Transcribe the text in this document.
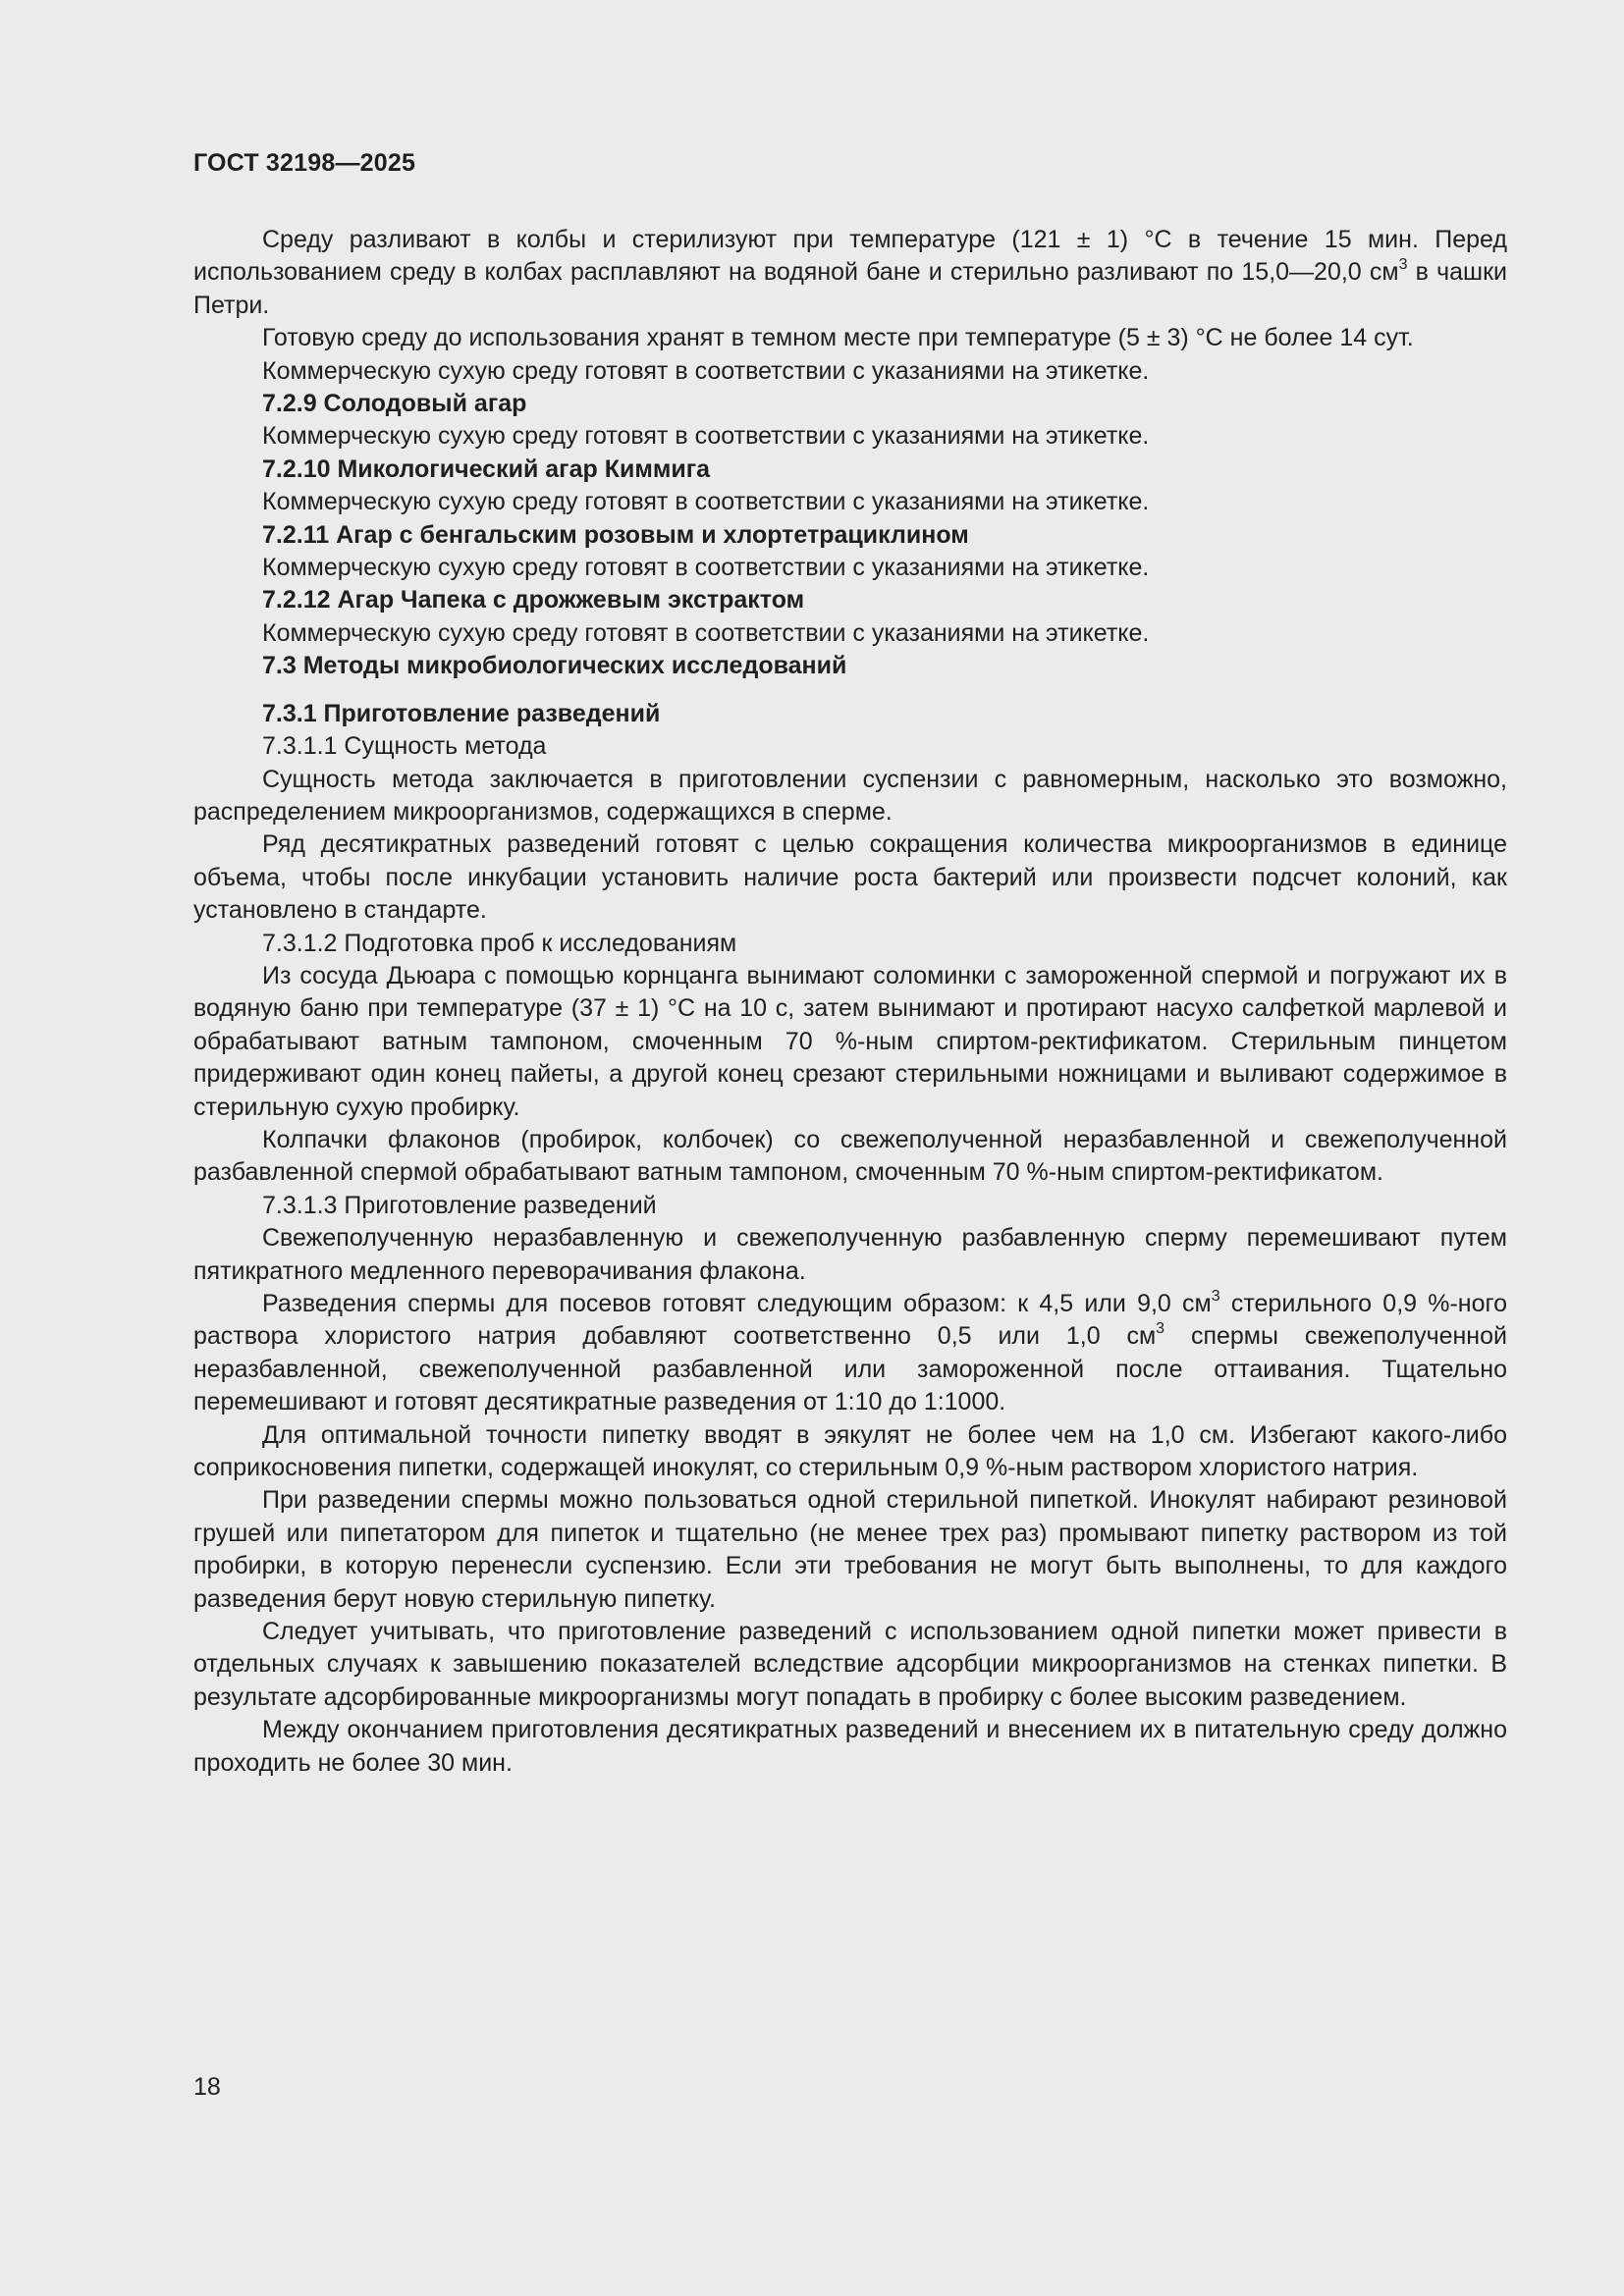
ГОСТ 32198—2025

Среду разливают в колбы и стерилизуют при температуре (121 ± 1) °С в течение 15 мин. Перед использованием среду в колбах расплавляют на водяной бане и стерильно разливают по 15,0—20,0 $см^3$ в чашки Петри.

Готовую среду до использования хранят в темном месте при температуре (5 ± 3) °С не более 14 сут.

Коммерческую сухую среду готовят в соответствии с указаниями на этикетке.

7.2.9 Солодовый агар

Коммерческую сухую среду готовят в соответствии с указаниями на этикетке.

7.2.10 Микологический агар Киммига

Коммерческую сухую среду готовят в соответствии с указаниями на этикетке.

7.2.11 Агар с бенгальским розовым и хлортетрациклином

Коммерческую сухую среду готовят в соответствии с указаниями на этикетке.

7.2.12 Агар Чапека с дрожжевым экстрактом

Коммерческую сухую среду готовят в соответствии с указаниями на этикетке.

7.3 Методы микробиологических исследований

7.3.1 Приготовление разведений

7.3.1.1 Сущность метода

Сущность метода заключается в приготовлении суспензии с равномерным, насколько это возможно, распределением микроорганизмов, содержащихся в сперме.

Ряд десятикратных разведений готовят с целью сокращения количества микроорганизмов в единице объема, чтобы после инкубации установить наличие роста бактерий или произвести подсчет колоний, как установлено в стандарте.

7.3.1.2 Подготовка проб к исследованиям

Из сосуда Дьюара с помощью корнцанга вынимают соломинки с замороженной спермой и погружают их в водяную баню при температуре (37 ± 1) °С на 10 с, затем вынимают и протирают насухо салфеткой марлевой и обрабатывают ватным тампоном, смоченным 70 %-ным спиртом-ректификатом. Стерильным пинцетом придерживают один конец пайеты, а другой конец срезают стерильными ножницами и выливают содержимое в стерильную сухую пробирку.

Колпачки флаконов (пробирок, колбочек) со свежеполученной неразбавленной и свежеполученной разбавленной спермой обрабатывают ватным тампоном, смоченным 70 %-ным спиртом-ректификатом.

7.3.1.3 Приготовление разведений

Свежеполученную неразбавленную и свежеполученную разбавленную сперму перемешивают путем пятикратного медленного переворачивания флакона.

Разведения спермы для посевов готовят следующим образом: к 4,5 или 9,0 $см^3$ стерильного 0,9 %-ного раствора хлористого натрия добавляют соответственно 0,5 или 1,0 $см^3$ спермы свежеполученной неразбавленной, свежеполученной разбавленной или замороженной после оттаивания. Тщательно перемешивают и готовят десятикратные разведения от 1:10 до 1:1000.

Для оптимальной точности пипетку вводят в эякулят не более чем на 1,0 см. Избегают какого-либо соприкосновения пипетки, содержащей инокулят, со стерильным 0,9 %-ным раствором хлористого натрия.

При разведении спермы можно пользоваться одной стерильной пипеткой. Инокулят набирают резиновой грушей или пипетатором для пипеток и тщательно (не менее трех раз) промывают пипетку раствором из той пробирки, в которую перенесли суспензию. Если эти требования не могут быть выполнены, то для каждого разведения берут новую стерильную пипетку.

Следует учитывать, что приготовление разведений с использованием одной пипетки может привести в отдельных случаях к завышению показателей вследствие адсорбции микроорганизмов на стенках пипетки. В результате адсорбированные микроорганизмы могут попадать в пробирку с более высоким разведением.

Между окончанием приготовления десятикратных разведений и внесением их в питательную среду должно проходить не более 30 мин.

18
